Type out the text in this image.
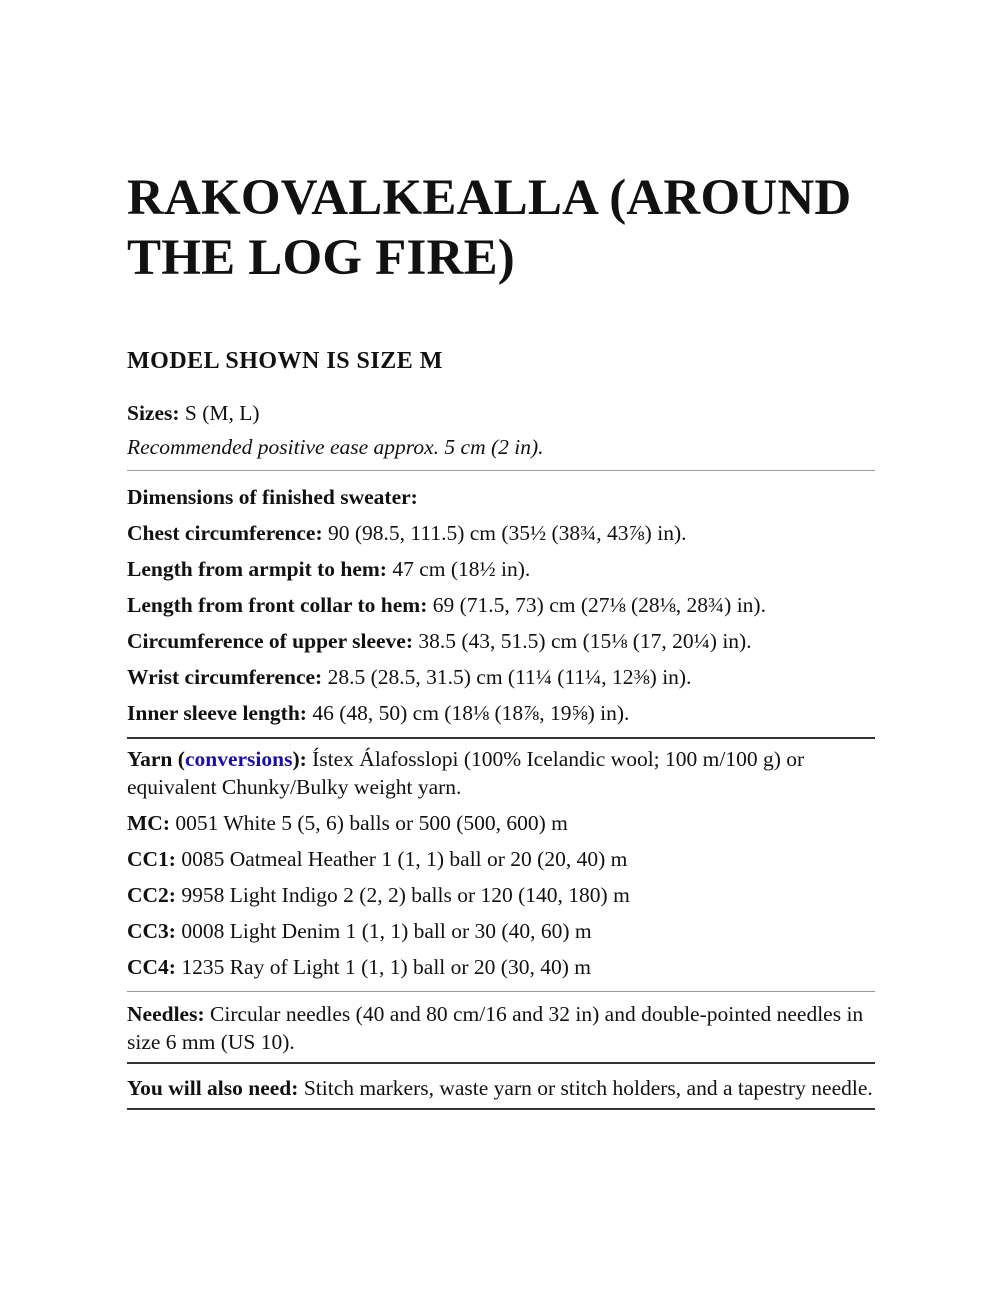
RAKOVALKEALLA (AROUND THE LOG FIRE)
MODEL SHOWN IS SIZE M

Sizes: S (M, L)

Recommended positive ease approx. 5 cm (2 in).

Dimensions of finished sweater:

Chest circumference: 90 (98.5, 111.5) cm (35½ (38¾, 43⅞) in).

Length from armpit to hem: 47 cm (18½ in).

Length from front collar to hem: 69 (71.5, 73) cm (27⅛ (28⅛, 28¾) in).

Circumference of upper sleeve: 38.5 (43, 51.5) cm (15⅛ (17, 20¼) in).

Wrist circumference: 28.5 (28.5, 31.5) cm (11¼ (11¼, 12⅜) in).

Inner sleeve length: 46 (48, 50) cm (18⅛ (18⅞, 19⅝) in).

Yarn (conversions): Ístex Álafosslopi (100% Icelandic wool; 100 m/100 g) or equivalent Chunky/Bulky weight yarn.

MC: 0051 White 5 (5, 6) balls or 500 (500, 600) m

CC1: 0085 Oatmeal Heather 1 (1, 1) ball or 20 (20, 40) m

CC2: 9958 Light Indigo 2 (2, 2) balls or 120 (140, 180) m

CC3: 0008 Light Denim 1 (1, 1) ball or 30 (40, 60) m

CC4: 1235 Ray of Light 1 (1, 1) ball or 20 (30, 40) m

Needles: Circular needles (40 and 80 cm/16 and 32 in) and double-pointed needles in size 6 mm (US 10).

You will also need: Stitch markers, waste yarn or stitch holders, and a tapestry needle.
